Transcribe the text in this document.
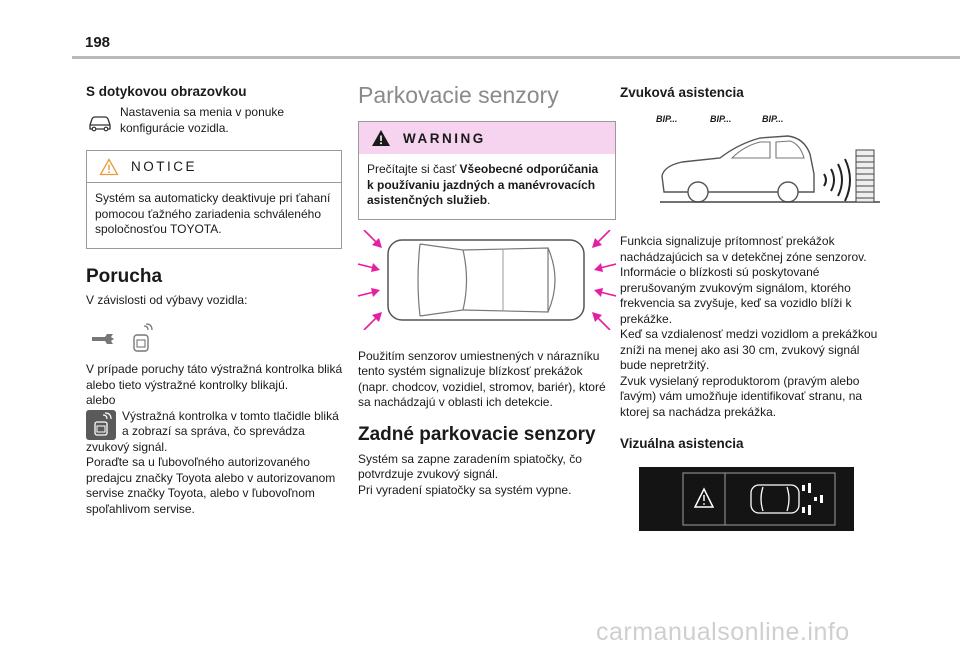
198
S dotykovou obrazovkou
Nastavenia sa menia v ponuke konfigurácie vozidla.
NOTICE
Systém sa automaticky deaktivuje pri ťahaní pomocou ťažného zariadenia schváleného spoločnosťou TOYOTA.
Porucha
V závislosti od výbavy vozidla:
V prípade poruchy táto výstražná kontrolka bliká alebo tieto výstražné kontrolky blikajú.
alebo
Výstražná kontrolka v tomto tlačidle bliká
a zobrazí sa správa, čo sprevádza
zvukový signál.
Poraďte sa u ľubovoľného autorizovaného predajcu značky Toyota alebo v autorizovanom servise značky Toyota, alebo v ľubovoľnom spoľahlivom servise.
Parkovacie senzory
WARNING
Prečítajte si časť Všeobecné odporúčania k používaniu jazdných a manévrovacích asistenčných služieb.
Použitím senzorov umiestnených v nárazníku tento systém signalizuje blízkosť prekážok (napr. chodcov, vozidiel, stromov, bariér), ktoré sa nachádzajú v oblasti ich detekcie.
Zadné parkovacie senzory
Systém sa zapne zaradením spiatočky, čo potvrdzuje zvukový signál.
Pri vyradení spiatočky sa systém vypne.
Zvuková asistencia
BIP...	BIP...	BIP...
Funkcia signalizuje prítomnosť prekážok nachádzajúcich sa v detekčnej zóne senzorov. Informácie o blízkosti sú poskytované prerušovaným zvukovým signálom, ktorého frekvencia sa zvyšuje, keď sa vozidlo blíži k prekážke.
Keď sa vzdialenosť medzi vozidlom a prekážkou zníži na menej ako asi 30 cm, zvukový signál bude nepretržitý.
Zvuk vysielaný reproduktorom (pravým alebo ľavým) vám umožňuje identifikovať stranu, na ktorej sa nachádza prekážka.
Vizuálna asistencia
carmanualsonline.info
